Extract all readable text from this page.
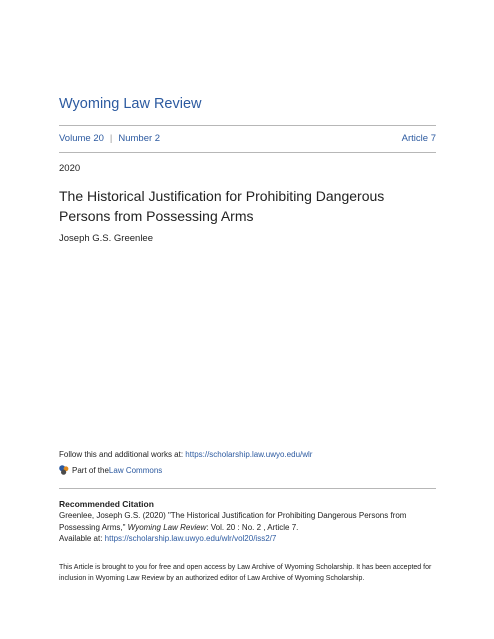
Wyoming Law Review
Volume 20 | Number 2	Article 7
2020
The Historical Justification for Prohibiting Dangerous Persons from Possessing Arms
Joseph G.S. Greenlee
Follow this and additional works at: https://scholarship.law.uwyo.edu/wlr
Part of the Law Commons
Recommended Citation
Greenlee, Joseph G.S. (2020) "The Historical Justification for Prohibiting Dangerous Persons from
Possessing Arms," Wyoming Law Review: Vol. 20 : No. 2 , Article 7.
Available at: https://scholarship.law.uwyo.edu/wlr/vol20/iss2/7
This Article is brought to you for free and open access by Law Archive of Wyoming Scholarship. It has been accepted for inclusion in Wyoming Law Review by an authorized editor of Law Archive of Wyoming Scholarship.
